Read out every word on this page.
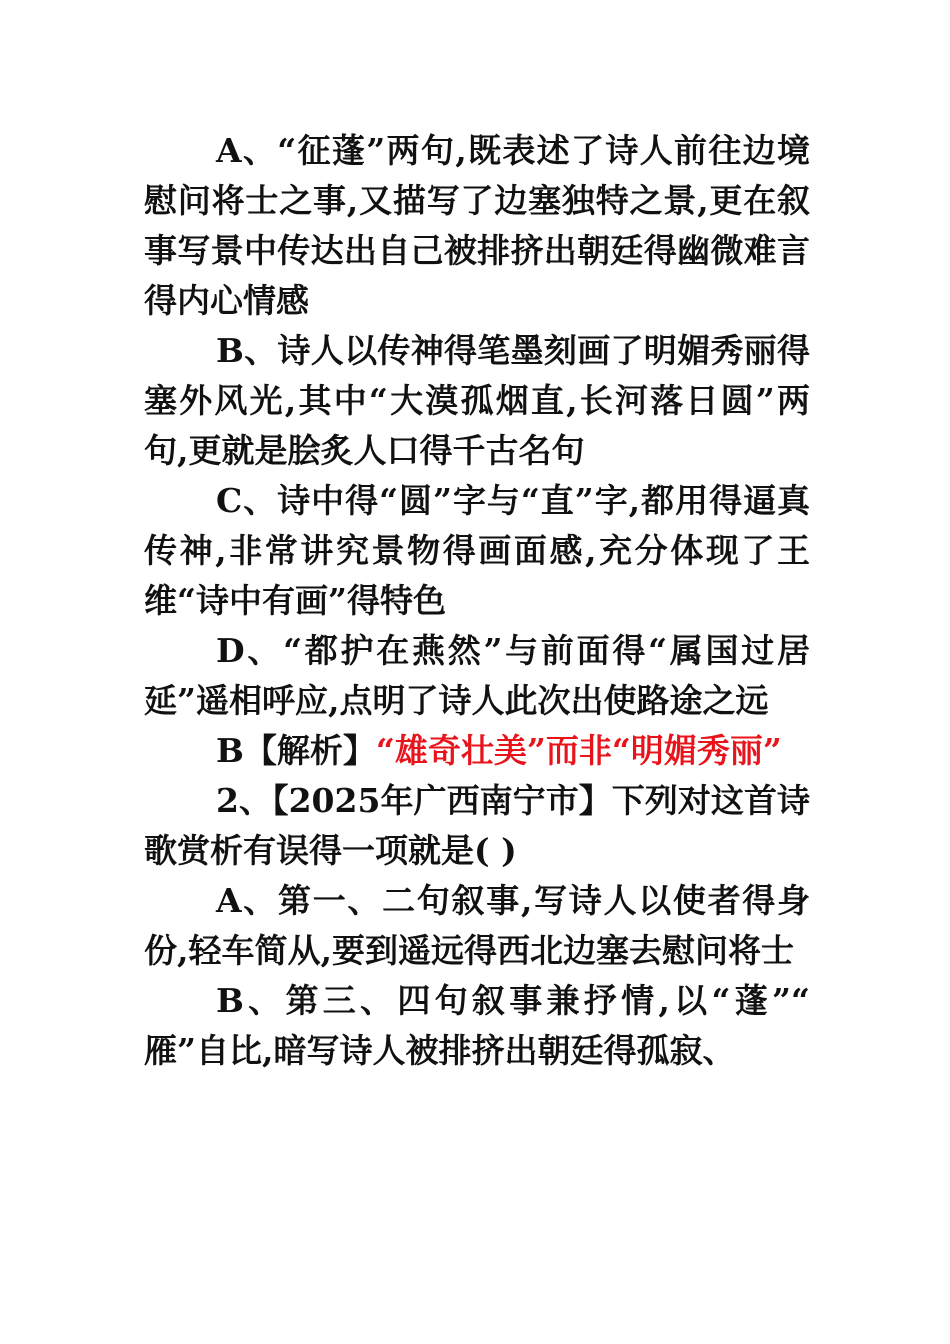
A、“征蓬”两句,既表述了诗人前往边境慰问将士之事,又描写了边塞独特之景,更在叙事写景中传达出自己被排挤出朝廷得幽微难言得内心情感

B、诗人以传神得笔墨刻画了明媚秀丽得塞外风光,其中“大漠孤烟直,长河落日圆”两句,更就是脍炙人口得千古名句

C、诗中得“圆”字与“直”字,都用得逼真传神,非常讲究景物得画面感,充分体现了王维“诗中有画”得特色

D、“都护在燕然”与前面得“属国过居延”遥相呼应,点明了诗人此次出使路途之远

B【解析】“雄奇壮美”而非“明媚秀丽”

2、【2025年广西南宁市】下列对这首诗歌赏析有误得一项就是( )

A、第一、二句叙事,写诗人以使者得身份,轻车简从,要到遥远得西北边塞去慰问将士

B、第三、四句叙事兼抒情,以“蓬”“ 雁”自比,暗写诗人被排挤出朝廷得孤寂、
